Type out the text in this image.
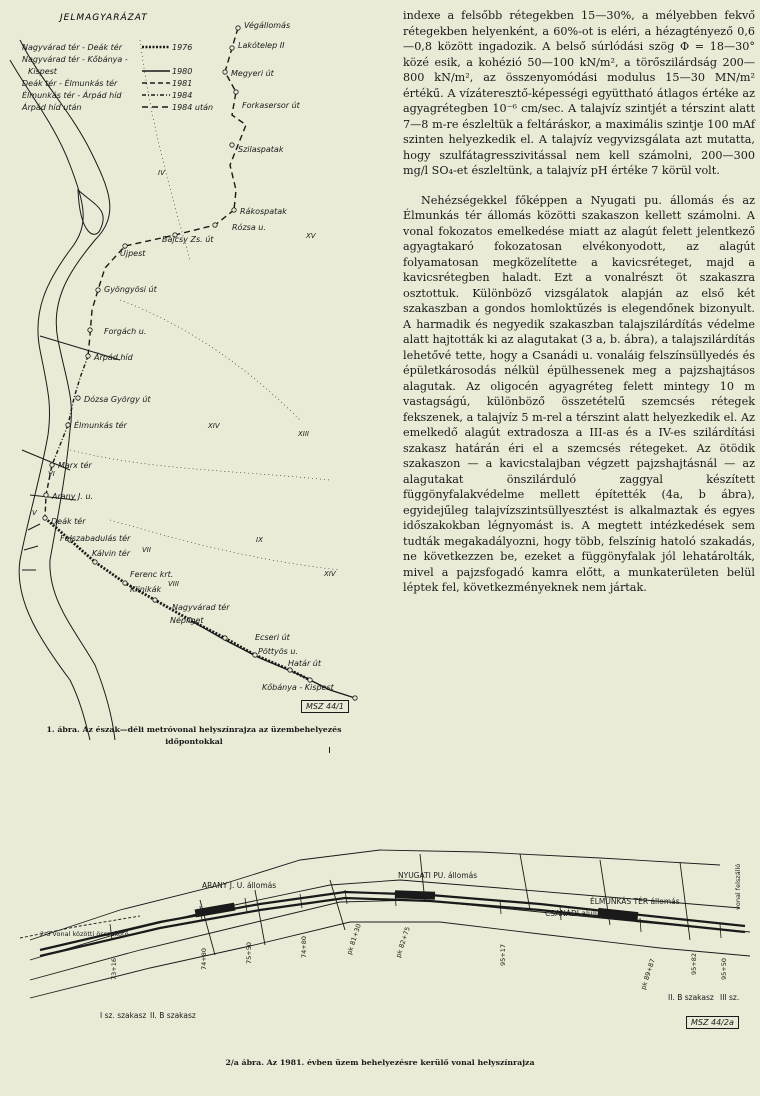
JELMAGYARÁZAT
Nagyvárad tér - Deák tér	1976
Nagyvárad tér - Kőbánya -
Kispest	1980
Deák tér - Élmunkás tér	1981
Élmunkás tér - Árpád híd	1984
Árpád híd után	1984 után
Végállomás
Lakótelep II
Megyeri út
Forkasersor út
Szilaspatak
Rákospatak
Rózsa u.
Bajcsy Zs. út
Újpest
Gyöngyösi út
Forgách u.
Árpád híd
Dózsa György út
Élmunkás tér
Marx tér
Arany J. u.
Deák tér
Felszabadulás tér
Kálvin tér
Ferenc krt.
Klinikák
Nagyvárad tér
Népliget
Ecseri út
Pöttyös u.
Határ út
Kőbánya - Kispest
IV
XV
XIV
XIII
VI
V
VII
VIII
IX
XIV
MSZ 44/1
1. ábra. Az észak—déli metróvonal helyszínrajza az üzembehelyezés
időpontokkal

indexe a felsőbb rétegekben 15—30%, a mélyebben fekvő rétegekben helyenként, a 60%-ot is eléri, a hézagtényező 0,6—0,8 között ingadozik. A belső súrlódási szög Φ = 18—30° közé esik, a kohézió 50—100 kN/m², a törőszilárdság 200—800 kN/m², az összenyomódási modulus 15—30 MN/m² értékű. A vízáteresztő-képességi együttható átlagos értéke az agyagrétegben 10⁻⁶ cm/sec. A talajvíz szintjét a térszint alatt 7—8 m-re észleltük a feltáráskor, a maximális szintje 100 mAf szinten helyezkedik el. A talajvíz vegyvizsgálata azt mutatta, hogy szulfátagresszivitással nem kell számolni, 200—300 mg/l SO₄-et észleltünk, a talajvíz pH értéke 7 körül volt.

Nehézségekkel főképpen a Nyugati pu. állomás és az Élmunkás tér állomás közötti szakaszon kellett számolni. A vonal fokozatos emelkedése miatt az alagút felett jelentkező agyagtakaró fokozatosan elvékonyodott, az alagút folyamatosan megközelítette a kavicsréteget, majd a kavicsrétegben haladt. Ezt a vonalrészt öt szakaszra osztottuk. Különböző vizsgálatok alapján az első két szakaszban a gondos homloktűzés is elegendőnek bizonyult. A harmadik és negyedik szakaszban talajszilárdítás védelme alatt hajtották ki az alagutakat (3 a, b. ábra), a talajszilárdítás lehetővé tette, hogy a Csanádi u. vonaláig felszínsüllyedés és épületkárosodás nélkül épülhessenek meg a pajzshajtásos alagutak. Az oligocén agyagréteg felett mintegy 10 m vastagságú, különböző összetételű szemcsés rétegek fekszenek, a talajvíz 5 m-rel a térszint alatt helyezkedik el. Az emelkedő alagút extradosza a III-as és a IV-es szilárdítási szakasz határán éri el a szemcsés rétegeket. Az ötödik szakaszon — a kavicstalajban végzett pajzshajtásnál — az alagutakat önszilárduló zaggyal készített függönyfalakvédelme mellett építették (4a, b ábra), egyidejűleg talajvízszintsüllyesztést is alkalmaztak és egyes időszakokban légnyomást is. A megtett intézkedések sem tudták megakadályozni, hogy több, felszínig hatoló szakadás, ne következzen be, ezeket a függönyfalak jól lehatárolták, mivel a pajzsfogadó kamra előtt, a munkaterületen belül léptek fel, következményeknek nem jártak.

ARANY J. U. állomás
NYUGATI PU. állomás
CSANÁDI aluljáró
ÉLMUNKÁS TÉR állomás
2-3 vonal közötti összekötő
I sz. szakasz II. B szakasz
II. B szakasz III sz.
73+16	74+80	75+50	74+80	pk 81+30	pk 82+75	95+17
pk 89+87	95+82	95+50
vonal felszálló
MSZ 44/2a
2/a ábra. Az 1981. évben üzem behelyezésre kerülő vonal helyszínrajza
